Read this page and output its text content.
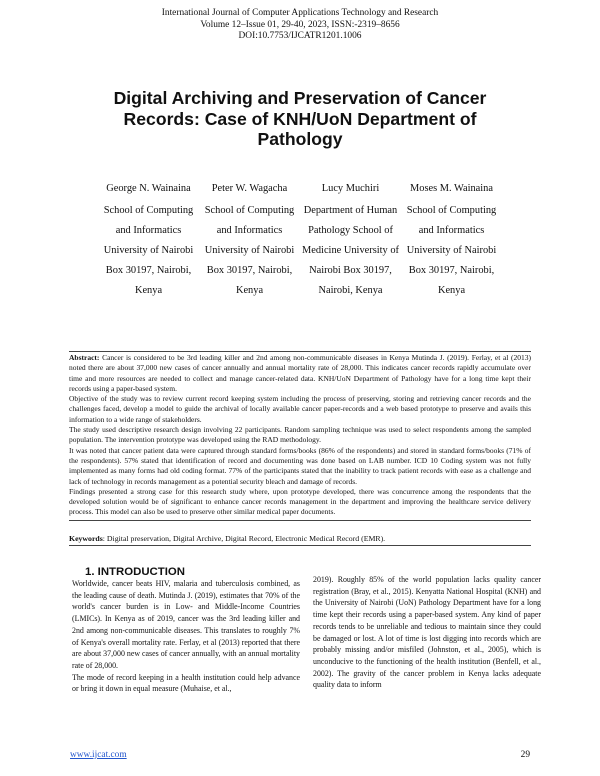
International Journal of Computer Applications Technology and Research
Volume 12–Issue 01, 29-40, 2023, ISSN:-2319–8656
DOI:10.7753/IJCATR1201.1006
Digital Archiving and Preservation of Cancer Records: Case of KNH/UoN Department of Pathology
George N. Wainaina
School of Computing and Informatics University of Nairobi Box 30197, Nairobi, Kenya
Peter W. Wagacha
School of Computing and Informatics University of Nairobi Box 30197, Nairobi, Kenya
Lucy Muchiri
Department of Human Pathology School of Medicine University of Nairobi Box 30197, Nairobi, Kenya
Moses M. Wainaina
School of Computing and Informatics University of Nairobi Box 30197, Nairobi, Kenya

Abstract: Cancer is considered to be 3rd leading killer and 2nd among non-communicable diseases in Kenya Mutinda J. (2019). Ferlay, et al (2013) noted there are about 37,000 new cases of cancer annually and annual mortality rate of 28,000. This indicates cancer records rapidly accumulate over time and more resources are needed to collect and manage cancer-related data. KNH/UoN Department of Pathology have for a long time kept their records using a paper-based system.

Objective of the study was to review current record keeping system including the process of preserving, storing and retrieving cancer records and the challenges faced, develop a model to guide the archival of locally available cancer paper-records and a web based prototype to preserve and avails this information to a wide range of stakeholders.

The study used descriptive research design involving 22 participants. Random sampling technique was used to select respondents among the sampled population. The intervention prototype was developed using the RAD methodology.

It was noted that cancer patient data were captured through standard forms/books (86% of the respondents) and stored in standard forms/books (71% of the respondents). 57% stated that identification of record and documenting was done based on LAB number. ICD 10 Coding system was not fully implemented as many forms had old coding format. 77% of the participants stated that the inability to track patient records with ease as a challenge and lack of technology in records management as a potential security bleach and damage of records.

Findings presented a strong case for this research study where, upon prototype developed, there was concurrence among the respondents that the developed solution would be of significant to enhance cancer records management in the department and improving the healthcare service delivery process. This model can also be used to preserve other similar medical paper documents.

Keywords: Digital preservation, Digital Archive, Digital Record, Electronic Medical Record (EMR).
1. INTRODUCTION

Worldwide, cancer beats HIV, malaria and tuberculosis combined, as the leading cause of death. Mutinda J. (2019), estimates that 70% of the world's cancer burden is in Low- and Middle-Income Countries (LMICs). In Kenya as of 2019, cancer was the 3rd leading killer and 2nd among non-communicable diseases. This translates to roughly 7% of Kenya's overall mortality rate. Ferlay, et al (2013) reported that there are about 37,000 new cases of cancer annually, with an annual mortality rate of 28,000.

The mode of record keeping in a health institution could help advance or bring it down in equal measure (Muhaise, et al.,

2019). Roughly 85% of the world population lacks quality cancer registration (Bray, et al., 2015). Kenyatta National Hospital (KNH) and the University of Nairobi (UoN) Pathology Department have for a long time kept their records using a paper-based system. Any kind of paper records tends to be unreliable and tedious to maintain since they could be damaged or lost. A lot of time is lost digging into records which are probably missing and/or misfiled (Johnston, et al., 2005), which is unconducive to the functioning of the health institution (Benfell, et al., 2002). The gravity of the cancer problem in Kenya lacks adequate quality data to inform

www.ijcat.com	29
